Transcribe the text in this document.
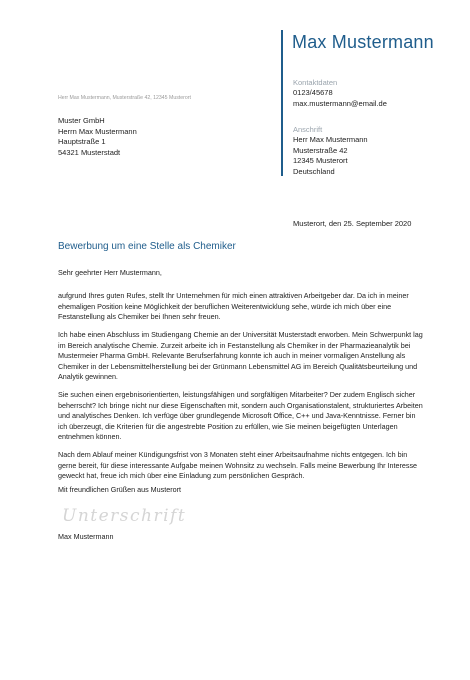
Max Mustermann
Kontaktdaten
0123/45678
max.mustermann@email.de
Anschrift
Herr Max Mustermann
Musterstraße 42
12345 Musterort
Deutschland
Herr Max Mustermann, Musterstraße 42, 12345 Musterort
Muster GmbH
Herrn Max Mustermann
Hauptstraße 1
54321 Musterstadt
Musterort, den 25. September 2020
Bewerbung um eine Stelle als Chemiker
Sehr geehrter Herr Mustermann,
aufgrund Ihres guten Rufes, stellt Ihr Unternehmen für mich einen attraktiven Arbeitgeber dar. Da ich in meiner ehemaligen Position keine Möglichkeit der beruflichen Weiterentwicklung sehe, würde ich mich über eine Festanstellung als Chemiker bei Ihnen sehr freuen.
Ich habe einen Abschluss im Studiengang Chemie an der Universität Musterstadt erworben. Mein Schwerpunkt lag im Bereich analytische Chemie. Zurzeit arbeite ich in Festanstellung als Chemiker in der Pharmazieanalytik bei Mustermeier Pharma GmbH. Relevante Berufserfahrung konnte ich auch in meiner vormaligen Anstellung als Chemiker in der Lebensmittelherstellung bei der Grünmann Lebensmittel AG im Bereich Qualitätsbeurteilung und Analytik gewinnen.
Sie suchen einen ergebnisorientierten, leistungsfähigen und sorgfältigen Mitarbeiter? Der zudem Englisch sicher beherrscht? Ich bringe nicht nur diese Eigenschaften mit, sondern auch Organisationstalent, strukturiertes Arbeiten und analytisches Denken. Ich verfüge über grundlegende Microsoft Office, C++ und Java-Kenntnisse. Ferner bin ich überzeugt, die Kriterien für die angestrebte Position zu erfüllen, wie Sie meinen beigefügten Unterlagen entnehmen können.
Nach dem Ablauf meiner Kündigungsfrist von 3 Monaten steht einer Arbeitsaufnahme nichts entgegen. Ich bin gerne bereit, für diese interessante Aufgabe meinen Wohnsitz zu wechseln. Falls meine Bewerbung Ihr Interesse geweckt hat, freue ich mich über eine Einladung zum persönlichen Gespräch.
Mit freundlichen Grüßen aus Musterort
Unterschrift
Max Mustermann
